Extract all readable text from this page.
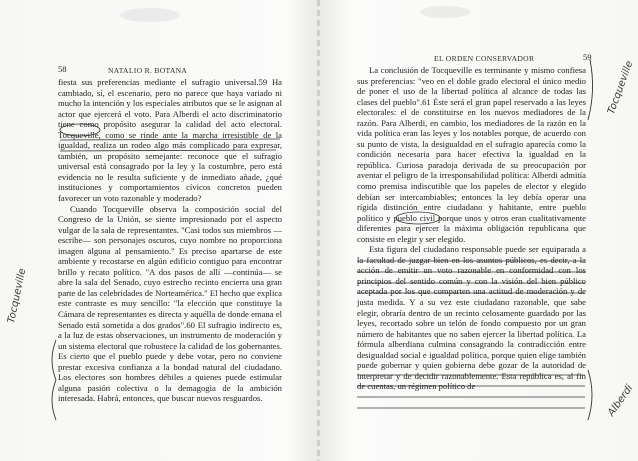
58	NATALIO R. BOTANA

fiesta sus preferencias mediante el sufragio universal.59 Ha cambiado, sí, el escenario, pero no parece que haya variado ni mucho la intención y los especiales atributos que se le asignan al actor que ejercerá el voto. Para Alberdi el acto discriminatorio tiene como propósito asegurar la calidad del acto electoral. Tocqueville, como se rinde ante la marcha irresistible de la igualdad, realiza un rodeo algo más complicado para expresar, también, un propósito semejante: reconoce que el sufragio universal está consagrado por la ley y la costumbre, pero está evidencia no le resulta suficiente y de inmediato añade, ¿qué instituciones y comportamientos cívicos concretos pueden favorecer un voto razonable y moderado?

Cuando Tocqueville observa la composición social del Congreso de la Unión, se siente impresionado por el aspecto vulgar de la sala de representantes. "Casi todos sus miembros —escribe— son personajes oscuros, cuyo nombre no proporciona imagen alguna al pensamiento." Es preciso apartarse de este ambiente y recostarse en algún edificio contiguo para encontrar brillo y recato político. "A dos pasos de allí —continúa— se abre la sala del Senado, cuyo estrecho recinto encierra una gran parte de las celebridades de Norteamérica." El hecho que explica este contraste es muy sencillo: "la elección que constituye la Cámara de representantes es directa y aquélla de donde emana el Senado está sometida a dos grados".60 El sufragio indirecto es, a la luz de estas observaciones, un instrumento de moderación y un sistema electoral que robustece la calidad de los gobernantes. Es cierto que el pueblo puede y debe votar, pero no conviene prestar excesiva confianza a la bondad natural del ciudadano. Los electores son hombres débiles a quienes puede estimular alguna pasión colectiva o la demagogia de la ambición interesada. Habrá, entonces, que buscar nuevos resguardos.

Tocqueville
EL ORDEN CONSERVADOR	59

La conclusión de Tocqueville es terminante y mismo confiesa sus preferencias: "veo en el doble grado electoral el único medio de poner el uso de la libertad política al alcance de todas las clases del pueblo".61 Éste será el gran papel reservado a las leyes electorales: el de constituirse en los nuevos mediadores de la razón. Para Alberdi, en cambio, los mediadores de la razón en la vida política eran las leyes y los notables porque, de acuerdo con su punto de vista, la desigualdad en el sufragio aparecía como la condición necesaria para hacer efectiva la igualdad en la república. Curiosa paradoja derivada de su preocupación por aventar el peligro de la irresponsabilidad política: Alberdi admitía como premisa indiscutible que los papeles de elector y elegido debían ser intercambiables; entonces la ley debía operar una rígida distinción entre ciudadano y habitante, entre pueblo político y pueblo civil porque unos y otros eran cualitativamente diferentes para ejercer la máxima obligación republicana que consiste en elegir y ser elegido.

Esta figura del ciudadano responsable puede ser equiparada a la facultad de juzgar bien en los asuntos públicos, es decir, a la acción de emitir un voto razonable en conformidad con los principios del sentido común y con la visión del bien público aceptada por los que comparten una actitud de moderación y de justa medida. Y a su vez este ciudadano razonable, que sabe elegir, obraría dentro de un recinto celosamente guardado por las leyes, recortado sobre un telón de fondo compuesto por un gran número de habitantes que no saben ejercer la libertad política. La fórmula alberdiana culmina consagrando la contradicción entre desigualdad social e igualdad política, porque quien elige también puede gobernar y quien gobierna debe gozar de la autoridad de interpretar y de decidir razonablemente. Esta república es, al fin de cuentas, un régimen político de

Tocqueville
Alberdi
